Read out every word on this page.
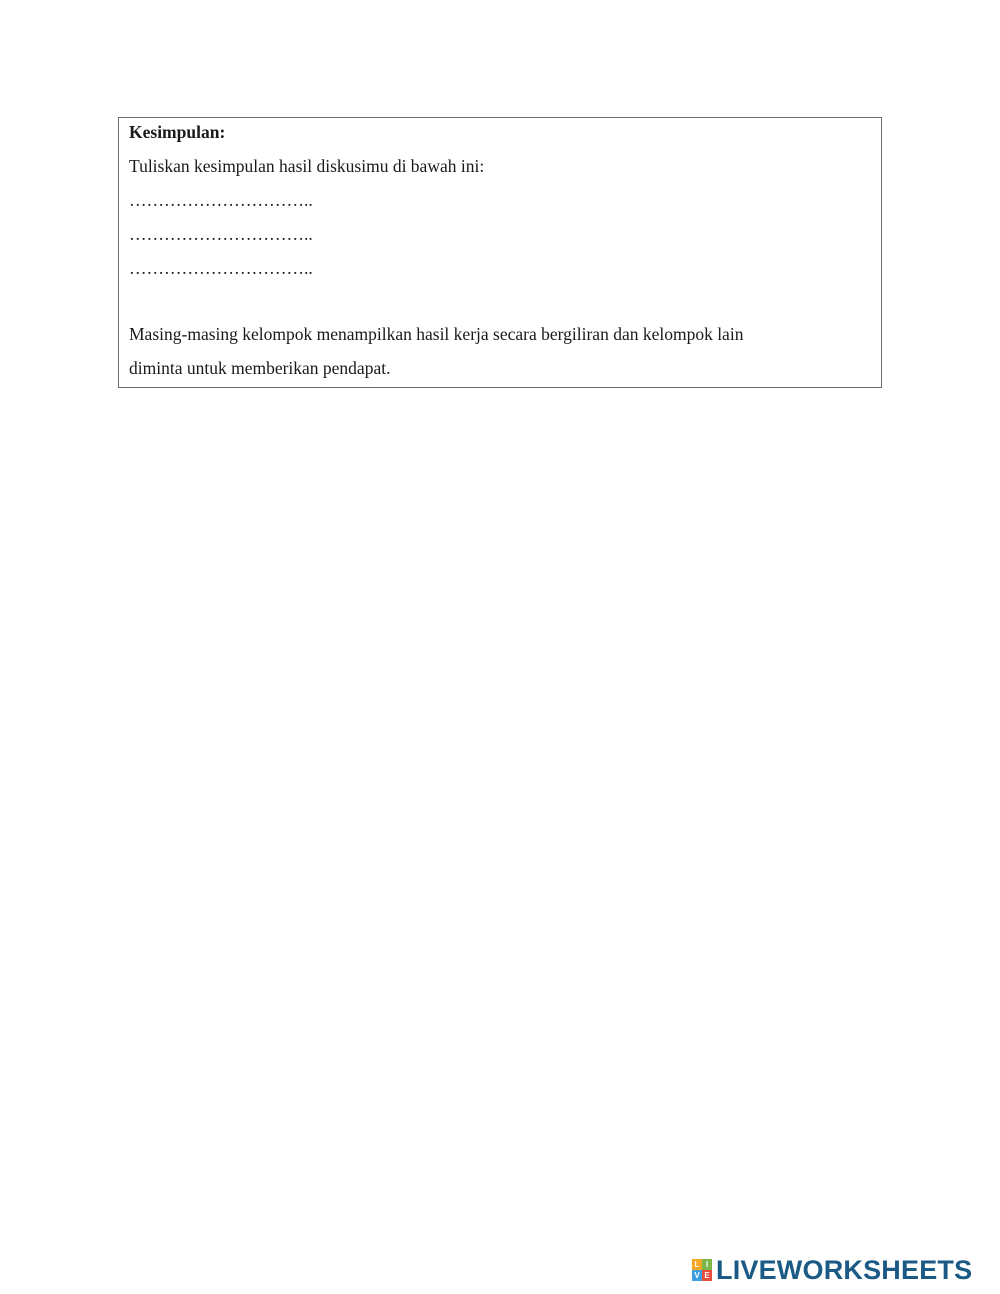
Kesimpulan:
Tuliskan kesimpulan hasil diskusimu di bawah ini:
…………………………..
…………………………..
…………………………..
Masing-masing kelompok menampilkan hasil kerja secara bergiliran dan kelompok lain
diminta untuk memberikan pendapat.
L I
V E LIVEWORKSHEETS
